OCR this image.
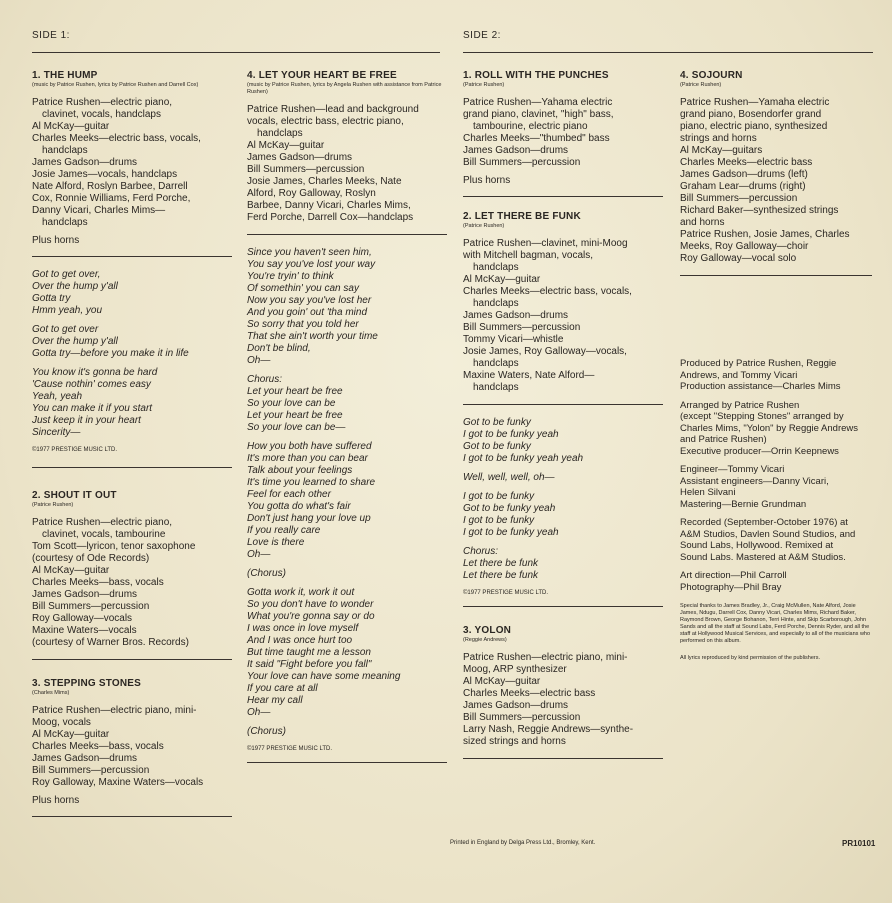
SIDE 1:	SIDE 2:
1. THE HUMP
(music by Patrice Rushen, lyrics by Patrice Rushen and Darrell Cox)

Patrice Rushen—electric piano,

clavinet, vocals, handclaps

Al McKay—guitar

Charles Meeks—electric bass, vocals,

handclaps

James Gadson—drums

Josie James—vocals, handclaps

Nate Alford, Roslyn Barbee, Darrell

Cox, Ronnie Williams, Ferd Porche,

Danny Vicari, Charles Mims—

handclaps

Plus horns

Got to get over,

Over the hump y'all

Gotta try

Hmm yeah, you

Got to get over

Over the hump y'all

Gotta try—before you make it in life

You know it's gonna be hard

'Cause nothin' comes easy

Yeah, yeah

You can make it if you start

Just keep it in your heart

Sincerity—

©1977 PRESTIGE MUSIC LTD.
2. SHOUT IT OUT
(Patrice Rushen)

Patrice Rushen—electric piano,

clavinet, vocals, tambourine

Tom Scott—lyricon, tenor saxophone

(courtesy of Ode Records)

Al McKay—guitar

Charles Meeks—bass, vocals

James Gadson—drums

Bill Summers—percussion

Roy Galloway—vocals

Maxine Waters—vocals

(courtesy of Warner Bros. Records)

3. STEPPING STONES
(Charles Mims)

Patrice Rushen—electric piano, mini-

Moog, vocals

Al McKay—guitar

Charles Meeks—bass, vocals

James Gadson—drums

Bill Summers—percussion

Roy Galloway, Maxine Waters—vocals

Plus horns
4. LET YOUR HEART BE FREE
(music by Patrice Rushen, lyrics by Angela Rushen with assistance from Patrice Rushen)

Patrice Rushen—lead and background

vocals, electric bass, electric piano,

handclaps

Al McKay—guitar

James Gadson—drums

Bill Summers—percussion

Josie James, Charles Meeks, Nate

Alford, Roy Galloway, Roslyn

Barbee, Danny Vicari, Charles Mims,

Ferd Porche, Darrell Cox—handclaps

Since you haven't seen him,

You say you've lost your way

You're tryin' to think

Of somethin' you can say

Now you say you've lost her

And you goin' out 'tha mind

So sorry that you told her

That she ain't worth your time

Don't be blind,

Oh—

Chorus:

Let your heart be free

So your love can be

Let your heart be free

So your love can be—

How you both have suffered

It's more than you can bear

Talk about your feelings

It's time you learned to share

Feel for each other

You gotta do what's fair

Don't just hang your love up

If you really care

Love is there

Oh—

(Chorus)

Gotta work it, work it out

So you don't have to wonder

What you're gonna say or do

I was once in love myself

And I was once hurt too

But time taught me a lesson

It said "Fight before you fall"

Your love can have some meaning

If you care at all

Hear my call

Oh—

(Chorus)

©1977 PRESTIGE MUSIC LTD.
1. ROLL WITH THE PUNCHES
(Patrice Rushen)

Patrice Rushen—Yahama electric

grand piano, clavinet, "high" bass,

tambourine, electric piano

Charles Meeks—"thumbed" bass

James Gadson—drums

Bill Summers—percussion

Plus horns
2. LET THERE BE FUNK
(Patrice Rushen)

Patrice Rushen—clavinet, mini-Moog

with Mitchell bagman, vocals,

handclaps

Al McKay—guitar

Charles Meeks—electric bass, vocals,

handclaps

James Gadson—drums

Bill Summers—percussion

Tommy Vicari—whistle

Josie James, Roy Galloway—vocals,

handclaps

Maxine Waters, Nate Alford—

handclaps

Got to be funky

I got to be funky yeah

Got to be funky

I got to be funky yeah yeah

Well, well, well, oh—

I got to be funky

Got to be funky yeah

I got to be funky

I got to be funky yeah

Chorus:

Let there be funk

Let there be funk

©1977 PRESTIGE MUSIC LTD.
3. YOLON
(Reggie Andrews)

Patrice Rushen—electric piano, mini-

Moog, ARP synthesizer

Al McKay—guitar

Charles Meeks—electric bass

James Gadson—drums

Bill Summers—percussion

Larry Nash, Reggie Andrews—synthe-

sized strings and horns

4. SOJOURN
(Patrice Rushen)

Patrice Rushen—Yamaha electric

grand piano, Bosendorfer grand

piano, electric piano, synthesized

strings and horns

Al McKay—guitars

Charles Meeks—electric bass

James Gadson—drums (left)

Graham Lear—drums (right)

Bill Summers—percussion

Richard Baker—synthesized strings

and horns

Patrice Rushen, Josie James, Charles

Meeks, Roy Galloway—choir

Roy Galloway—vocal solo

Produced by Patrice Rushen, Reggie

Andrews, and Tommy Vicari

Production assistance—Charles Mims

Arranged by Patrice Rushen

(except "Stepping Stones" arranged by

Charles Mims, "Yolon" by Reggie Andrews

and Patrice Rushen)

Executive producer—Orrin Keepnews

Engineer—Tommy Vicari

Assistant engineers—Danny Vicari,

Helen Silvani

Mastering—Bernie Grundman

Recorded (September-October 1976) at

A&M Studios, Davlen Sound Studios, and

Sound Labs, Hollywood. Remixed at

Sound Labs. Mastered at A&M Studios.

Art direction—Phil Carroll

Photography—Phil Bray

Special thanks to James Bradley, Jr., Craig McMullen, Nate Alford, Josie James, Ndugu, Darrell Cox, Danny Vicari, Charles Mims, Richard Baker, Raymond Brown, George Bohanon, Terri Hinte, and Skip Scarborough, John Sands and all the staff at Sound Labs, Ferd Porche, Dennis Ryder, and all the staff at Hollywood Musical Services, and especially to all of the musicians who performed on this album.
All lyrics reproduced by kind permission of the publishers.
Printed in England by Delga Press Ltd., Bromley, Kent.	PR10101
